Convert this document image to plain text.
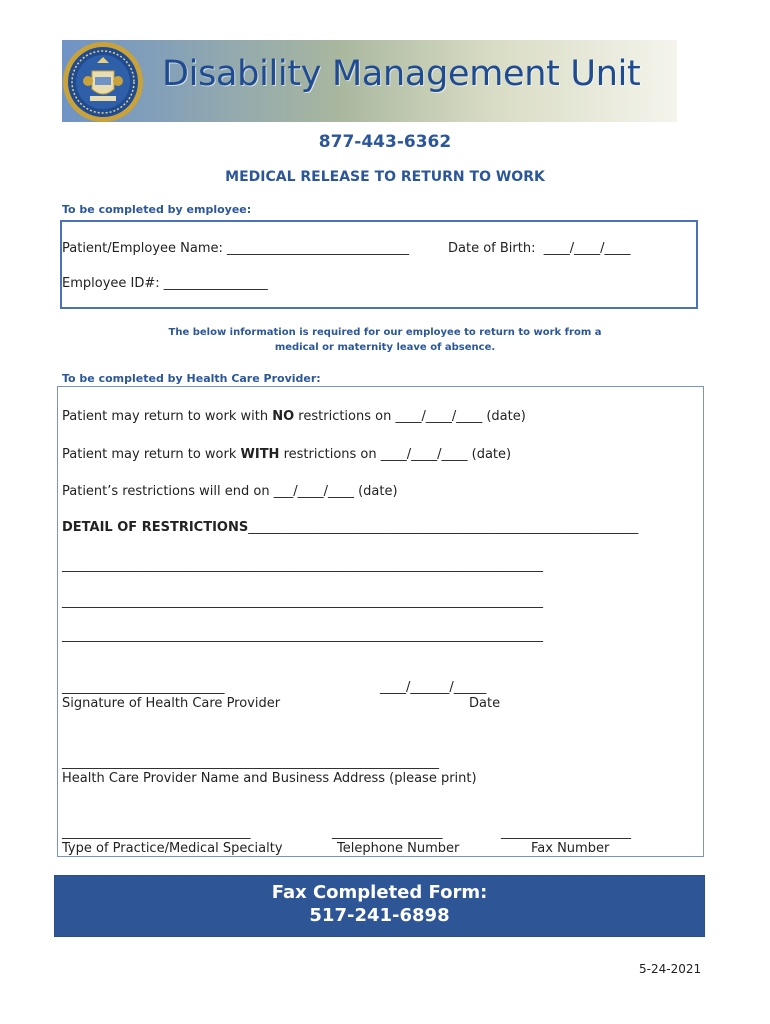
Disability Management Unit
877-443-6362
MEDICAL RELEASE TO RETURN TO WORK
To be completed by employee:
Patient/Employee Name: ____________________________	Date of Birth:  ____/____/____
Employee ID#: ________________
The below information is required for our employee to return to work from a
medical or maternity leave of absence.
To be completed by Health Care Provider:
Patient may return to work with NO restrictions on ____/____/____ (date)
Patient may return to work WITH restrictions on ____/____/____ (date)
Patient’s restrictions will end on ___/____/____ (date)
DETAIL OF RESTRICTIONS____________________________________________________________
__________________________________________________________________________
__________________________________________________________________________
__________________________________________________________________________
_________________________
Signature of Health Care Provider
____/______/_____
Date
__________________________________________________________
Health Care Provider Name and Business Address (please print)
_____________________________
Type of Practice/Medical Specialty
_________________
Telephone Number
____________________
Fax Number
Fax Completed Form:
517-241-6898
5-24-2021
